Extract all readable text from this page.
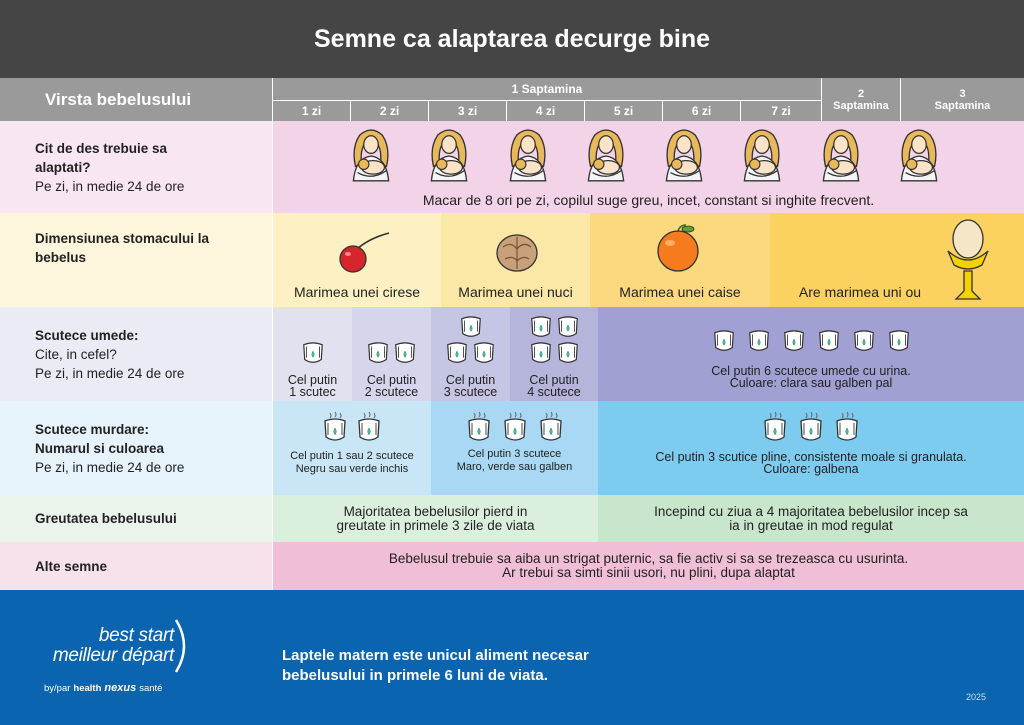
Semne ca alaptarea decurge bine
Virsta bebelusului
1 Saptamina
1 zi	2 zi	3 zi	4 zi	5 zi	6 zi	7 zi
2
Saptamina
3
Saptamina
Cit de des trebuie sa alaptati?
Pe zi, in medie 24 de ore
Macar de 8 ori pe zi, copilul suge greu, incet, constant si inghite frecvent.
Dimensiunea stomacului la bebelus
Marimea unei cirese	Marimea unei nuci	Marimea unei caise	Are marimea uni ou
Scutece umede:
Cite, in cefel?
Pe zi, in medie 24 de ore	Cel putin
1 scutec
Cel putin
2 scutece
Cel putin
3 scutece
Cel putin
4 scutece
Cel putin 6 scutece umede cu urina.
Culoare: clara sau galben pal
Scutece murdare:
Numarul si culoarea
Pe zi, in medie 24 de ore
Cel putin 1 sau 2 scutece
Negru sau verde inchis
Cel putin 3 scutece
Maro, verde sau galben
Cel putin 3 scutice pline, consistente moale si granulata.
Culoare: galbena
Greutatea bebelusului	Majoritatea bebelusilor pierd in
greutate in primele 3 zile de viata
Incepind cu ziua a 4 majoritatea bebelusilor incep sa
ia in greutae in mod regulat
Alte semne	Bebelusul trebuie sa aiba un strigat puternic, sa fie activ si sa se trezeasca cu usurinta.
Ar trebui sa simti sinii usori, nu plini, dupa alaptat
best start
meilleur départ
by/par health nexus santé
Laptele matern este unicul aliment necesar
bebelusului in primele 6 luni de viata.
2025
